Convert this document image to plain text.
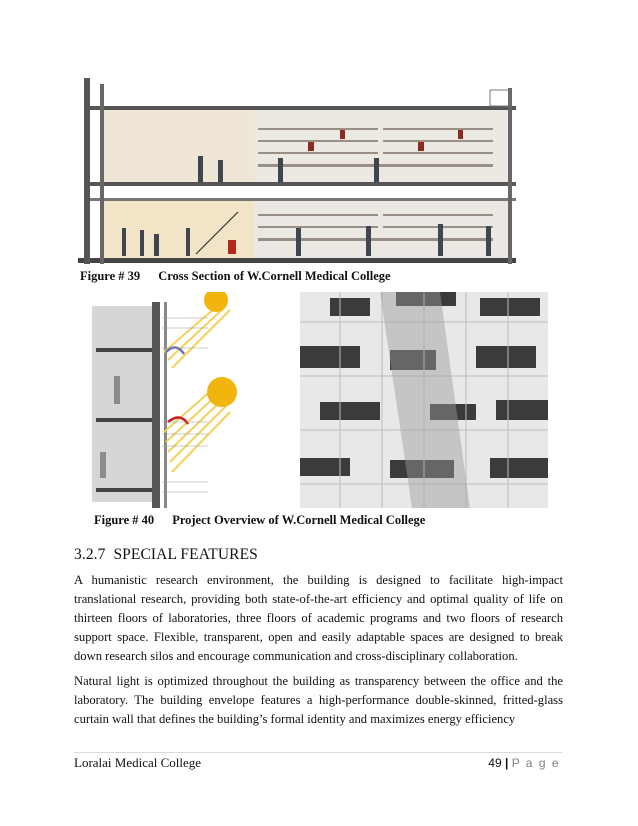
Figure # 39 Cross Section of W.Cornell Medical College
Figure # 40 Project Overview of W.Cornell Medical College
3.2.7 SPECIAL FEATURES

A humanistic research environment, the building is designed to facilitate high-impact translational research, providing both state-of-the-art efficiency and optimal quality of life on thirteen floors of laboratories, three floors of academic programs and two floors of research support space. Flexible, transparent, open and easily adaptable spaces are designed to break down research silos and encourage communication and cross-disciplinary collaboration.

Natural light is optimized throughout the building as transparency between the office and the laboratory. The building envelope features a high-performance double-skinned, fritted-glass curtain wall that defines the building’s formal identity and maximizes energy efficiency

Loralai Medical College	49 | P a g e
